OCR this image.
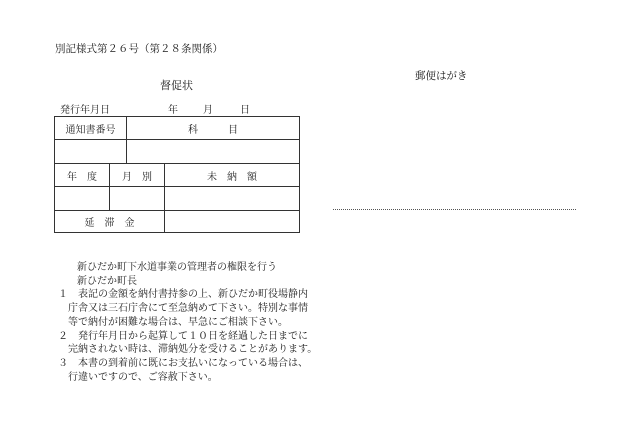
別記様式第２６号（第２８条関係）
督促状
郵便はがき
発行年月日	年	月	日
通知書番号		科　　　目	

年　度	月　別		未　納　額

延　滞　金			
新ひだか町下水道事業の管理者の権限を行う
新ひだか町長
１　表記の金額を納付書持参の上、新ひだか町役場静内
　庁舎又は三石庁舎にて至急納めて下さい。特別な事情
　等で納付が困難な場合は、早急にご相談下さい。
２　発行年月日から起算して１０日を経過した日までに
　完納されない時は、滞納処分を受けることがあります。
３　本書の到着前に既にお支払いになっている場合は、
　行違いですので、ご容赦下さい。
